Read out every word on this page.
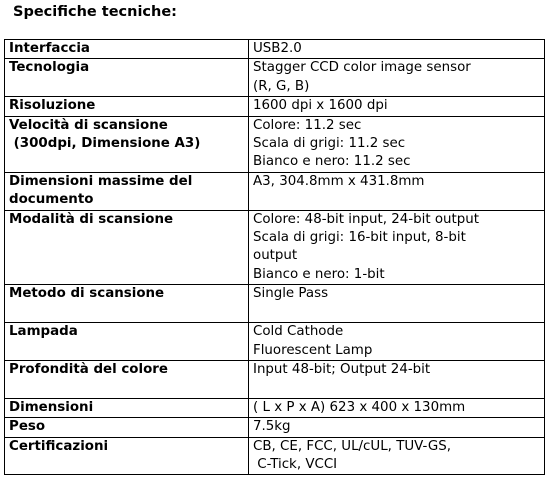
Specifiche tecniche:
Interfaccia	USB2.0

Tecnologia	Stagger CCD color image sensor
(R, G, B)

Risoluzione	1600 dpi x 1600 dpi

Velocità di scansione
(300dpi, Dimensione A3)	Colore: 11.2 sec
Scala di grigi: 11.2 sec
Bianco e nero: 11.2 sec

Dimensioni massime del
documento	A3, 304.8mm x 431.8mm

Modalità di scansione	Colore: 48-bit input, 24-bit output
Scala di grigi: 16-bit input, 8-bit
output
Bianco e nero: 1-bit

Metodo di scansione	Single Pass

Lampada	Cold Cathode
Fluorescent Lamp

Profondità del colore	Input 48-bit; Output 24-bit

Dimensioni	( L x P x A) 623 x 400 x 130mm

Peso	7.5kg

Certificazioni	CB, CE, FCC, UL/cUL, TUV-GS,
C-Tick, VCCI
